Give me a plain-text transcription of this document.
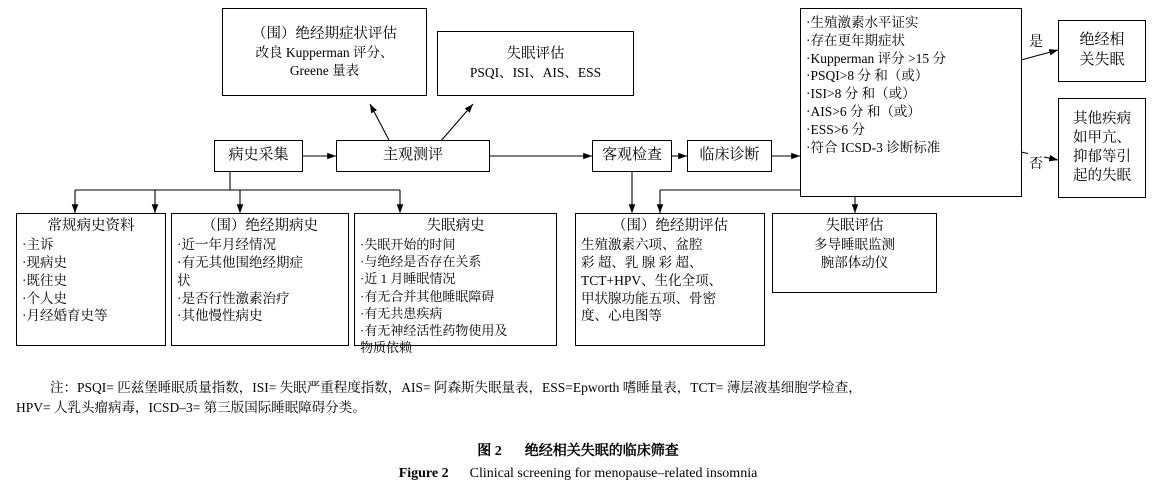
（围）绝经期症状评估
改良 Kupperman 评分、
Greene 量表
失眠评估
PSQI、ISI、AIS、ESS
·生殖激素水平证实
·存在更年期症状
·Kupperman 评分 >15 分
·PSQI>8 分 和（或）
·ISI>8 分 和（或）
·AIS>6 分 和（或）
·ESS>6 分
·符合 ICSD-3 诊断标准
绝经相
关失眠
其他疾病
如甲亢、
抑郁等引
起的失眠
是
否
病史采集	主观测评	客观检查 临床诊断
常规病史资料
·主诉
·现病史
·既往史
·个人史
·月经婚育史等
（围）绝经期病史
·近一年月经情况
·有无其他围绝经期症
状
·是否行性激素治疗
·其他慢性病史
失眠病史
·失眠开始的时间
·与绝经是否存在关系
·近 1 月睡眠情况
·有无合并其他睡眠障碍
·有无共患疾病
·有无神经活性药物使用及
物质依赖
（围）绝经期评估
生殖激素六项、盆腔
彩 超、乳 腺 彩 超、
TCT+HPV、生化全项、
甲状腺功能五项、骨密
度、心电图等
失眠评估
多导睡眠监测
腕部体动仪
注：PSQI= 匹兹堡睡眠质量指数，ISI= 失眠严重程度指数，AIS= 阿森斯失眠量表，ESS=Epworth 嗜睡量表，TCT= 薄层液基细胞学检查，
HPV= 人乳头瘤病毒，ICSD–3= 第三版国际睡眠障碍分类。
图 2 绝经相关失眠的临床筛查
Figure 2 Clinical screening for menopause–related insomnia
